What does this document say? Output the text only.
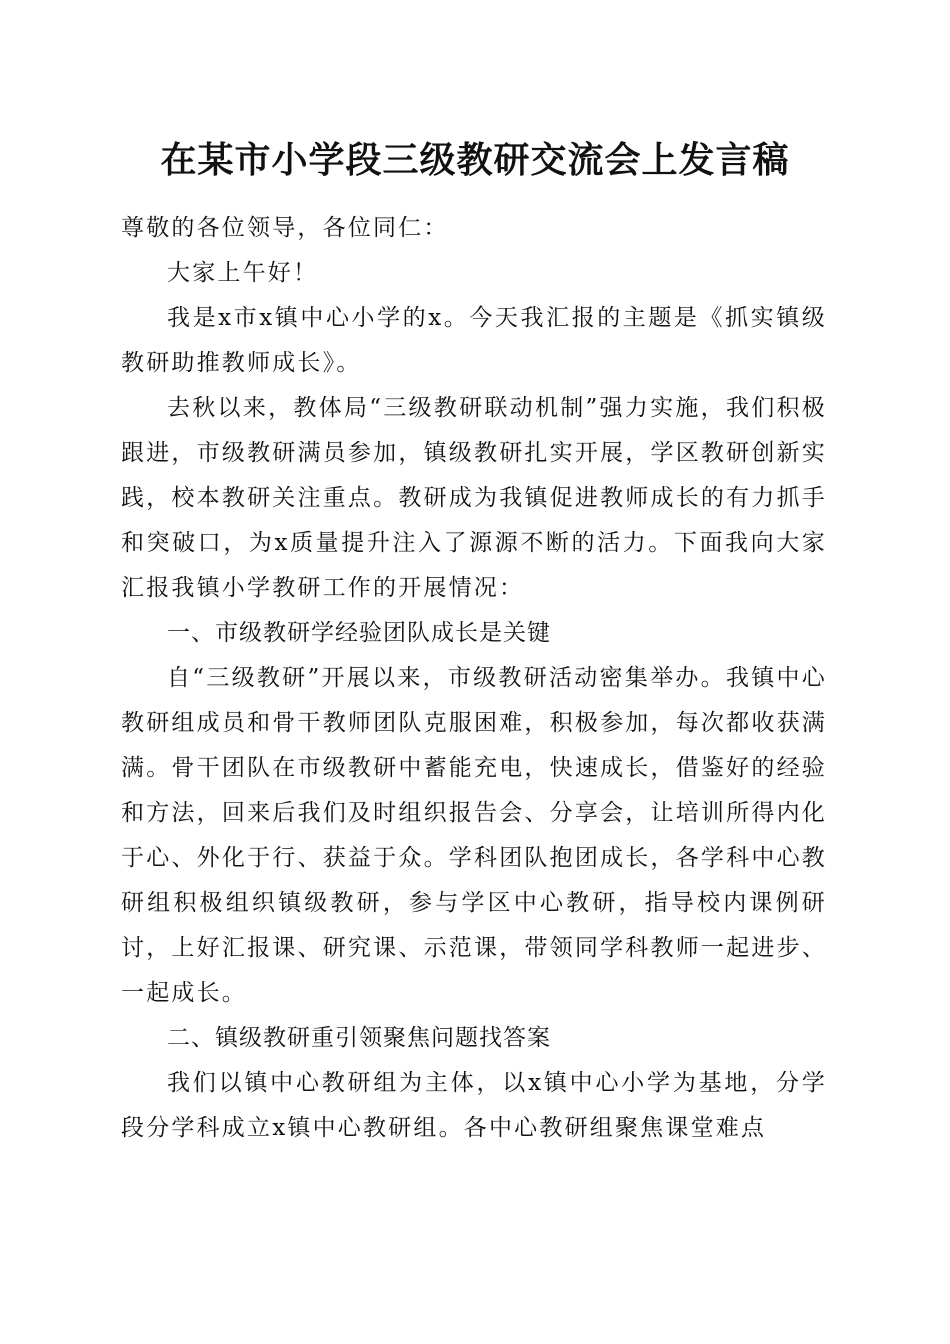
在某市小学段三级教研交流会上发言稿

尊敬的各位领导，各位同仁：

大家上午好！

我是x市x镇中心小学的x。今天我汇报的主题是《抓实镇级教研助推教师成长》。

去秋以来，教体局“三级教研联动机制”强力实施，我们积极跟进，市级教研满员参加，镇级教研扎实开展，学区教研创新实践，校本教研关注重点。教研成为我镇促进教师成长的有力抓手和突破口，为x质量提升注入了源源不断的活力。下面我向大家汇报我镇小学教研工作的开展情况：

一、市级教研学经验团队成长是关键

自“三级教研”开展以来，市级教研活动密集举办。我镇中心教研组成员和骨干教师团队克服困难，积极参加，每次都收获满满。骨干团队在市级教研中蓄能充电，快速成长，借鉴好的经验和方法，回来后我们及时组织报告会、分享会，让培训所得内化于心、外化于行、获益于众。学科团队抱团成长，各学科中心教研组积极组织镇级教研，参与学区中心教研，指导校内课例研讨，上好汇报课、研究课、示范课，带领同学科教师一起进步、一起成长。

二、镇级教研重引领聚焦问题找答案

我们以镇中心教研组为主体，以x镇中心小学为基地，分学段分学科成立x镇中心教研组。各中心教研组聚焦课堂难点
